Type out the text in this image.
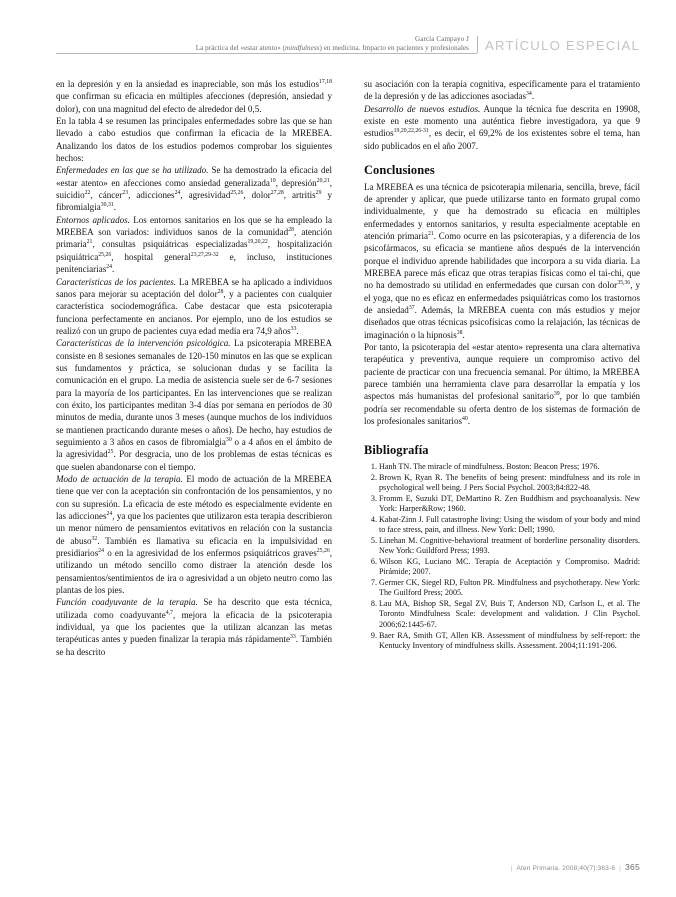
García Campayo J
La práctica del «estar atento» (mindfulness) en medicina. Impacto en pacientes y profesionales ARTÍCULO ESPECIAL

en la depresión y en la ansiedad es inapreciable, son más los estudios$^{17,18}$ que confirman su eficacia en múltiples afecciones (depresión, ansiedad y dolor), con una magnitud del efecto de alrededor del 0,5.

En la tabla 4 se resumen las principales enfermedades sobre las que se han llevado a cabo estudios que confirman la eficacia de la MREBEA. Analizando los datos de los estudios podemos comprobar los siguientes hechos:

Enfermedades en las que se ha utilizado. Se ha demostrado la eficacia del «estar atento» en afecciones como ansiedad generalizada$^{19}$, depresión$^{20,21}$, suicidio$^{22}$, cáncer$^{23}$, adicciones$^{24}$, agresividad$^{25,26}$, dolor$^{27,28}$, artritis$^{29}$ y fibromialgia$^{30,31}$.

Entornos aplicados. Los entornos sanitarios en los que se ha empleado la MREBEA son variados: individuos sanos de la comunidad$^{28}$, atención primaria$^{21}$, consultas psiquiátricas especializadas$^{19,20,22}$, hospitalización psiquiátrica$^{25,26}$, hospital general$^{23,27,29-32}$ e, incluso, instituciones penitenciarias$^{24}$.

Características de los pacientes. La MREBEA se ha aplicado a individuos sanos para mejorar su aceptación del dolor$^{28}$, y a pacientes con cualquier característica sociodemográfica. Cabe destacar que esta psicoterapia funciona perfectamente en ancianos. Por ejemplo, uno de los estudios se realizó con un grupo de pacientes cuya edad media era 74,9 años$^{33}$.

Características de la intervención psicológica. La psicoterapia MREBEA consiste en 8 sesiones semanales de 120-150 minutos en las que se explican sus fundamentos y práctica, se solucionan dudas y se facilita la comunicación en el grupo. La media de asistencia suele ser de 6-7 sesiones para la mayoría de los participantes. En las intervenciones que se realizan con éxito, los participantes meditan 3-4 días por semana en períodos de 30 minutos de media, durante unos 3 meses (aunque muchos de los individuos se mantienen practicando durante meses o años). De hecho, hay estudios de seguimiento a 3 años en casos de fibromialgia$^{30}$ o a 4 años en el ámbito de la agresividad$^{25}$. Por desgracia, uno de los problemas de estas técnicas es que suelen abandonarse con el tiempo.

Modo de actuación de la terapia. El modo de actuación de la MREBEA tiene que ver con la aceptación sin confrontación de los pensamientos, y no con su supresión. La eficacia de este método es especialmente evidente en las adicciones$^{24}$, ya que los pacientes que utilizaron esta terapia describieron un menor número de pensamientos evitativos en relación con la sustancia de abuso$^{32}$. También es llamativa su eficacia en la impulsividad en presidiarios$^{24}$ o en la agresividad de los enfermos psiquiátricos graves$^{25,26}$, utilizando un método sencillo como distraer la atención desde los pensamientos/sentimientos de ira o agresividad a un objeto neutro como las plantas de los pies.

Función coadyuvante de la terapia. Se ha descrito que esta técnica, utilizada como coadyuvante$^{4,7}$, mejora la eficacia de la psicoterapia individual, ya que los pacientes que la utilizan alcanzan las metas terapéuticas antes y pueden finalizar la terapia más rápidamente$^{33}$. También se ha descrito

su asociación con la terapia cognitiva, específicamente para el tratamiento de la depresión y de las adicciones asociadas$^{34}$.

Desarrollo de nuevos estudios. Aunque la técnica fue descrita en 19908, existe en este momento una auténtica fiebre investigadora, ya que 9 estudios$^{19,20,22,26-31}$, es decir, el 69,2% de los existentes sobre el tema, han sido publicados en el año 2007.

Conclusiones

La MREBEA es una técnica de psicoterapia milenaria, sencilla, breve, fácil de aprender y aplicar, que puede utilizarse tanto en formato grupal como individualmente, y que ha demostrado su eficacia en múltiples enfermedades y entornos sanitarios, y resulta especialmente aceptable en atención primaria$^{21}$. Como ocurre en las psicoterapias, y a diferencia de los psicofármacos, su eficacia se mantiene años después de la intervención porque el individuo aprende habilidades que incorpora a su vida diaria. La MREBEA parece más eficaz que otras terapias físicas como el tai-chi, que no ha demostrado su utilidad en enfermedades que cursan con dolor$^{35,36}$, y el yoga, que no es eficaz en enfermedades psiquiátricas como los trastornos de ansiedad$^{37}$. Además, la MREBEA cuenta con más estudios y mejor diseñados que otras técnicas psicofísicas como la relajación, las técnicas de imaginación o la hipnosis$^{38}$.

Por tanto, la psicoterapia del «estar atento» representa una clara alternativa terapéutica y preventiva, aunque requiere un compromiso activo del paciente de practicar con una frecuencia semanal. Por último, la MREBEA parece también una herramienta clave para desarrollar la empatía y los aspectos más humanistas del profesional sanitario$^{39}$, por lo que también podría ser recomendable su oferta dentro de los sistemas de formación de los profesionales sanitarios$^{40}$.

Bibliografía
Hanh TN. The miracle of mindfulness. Boston: Beacon Press; 1976.
Brown K, Ryan R. The benefits of being present: mindfulness and its role in psychological well being. J Pers Social Psychol. 2003;84:822-48.
Fromm E, Suzuki DT, DeMartino R. Zen Buddhism and psychoanalysis. New York: Harper&Row; 1960.
Kabat-Zinn J. Full catastrophe living: Using the wisdom of your body and mind to face stress, pain, and illness. New York: Dell; 1990.
Linehan M. Cognitive-behavioral treatment of borderline personality disorders. New York: Guildford Press; 1993.
Wilson KG, Luciano MC. Terapia de Aceptación y Compromiso. Madrid: Pirámide; 2007.
Germer CK, Siegel RD, Fulton PR. Mindfulness and psychotherapy. New York: The Guilford Press; 2005.
Lau MA, Bishop SR, Segal ZV, Buis T, Anderson ND, Carlson L, et al. The Toronto Mindfulness Scale: development and validation. J Clin Psychol. 2006;62:1445-67.
Baer RA, Smith GT, Allen KB. Assessment of mindfulness by self-report: the Kentucky Inventory of mindfulness skills. Assessment. 2004;11:191-206.
| Aten Primaria. 2008;40(7):363-6 | 365
